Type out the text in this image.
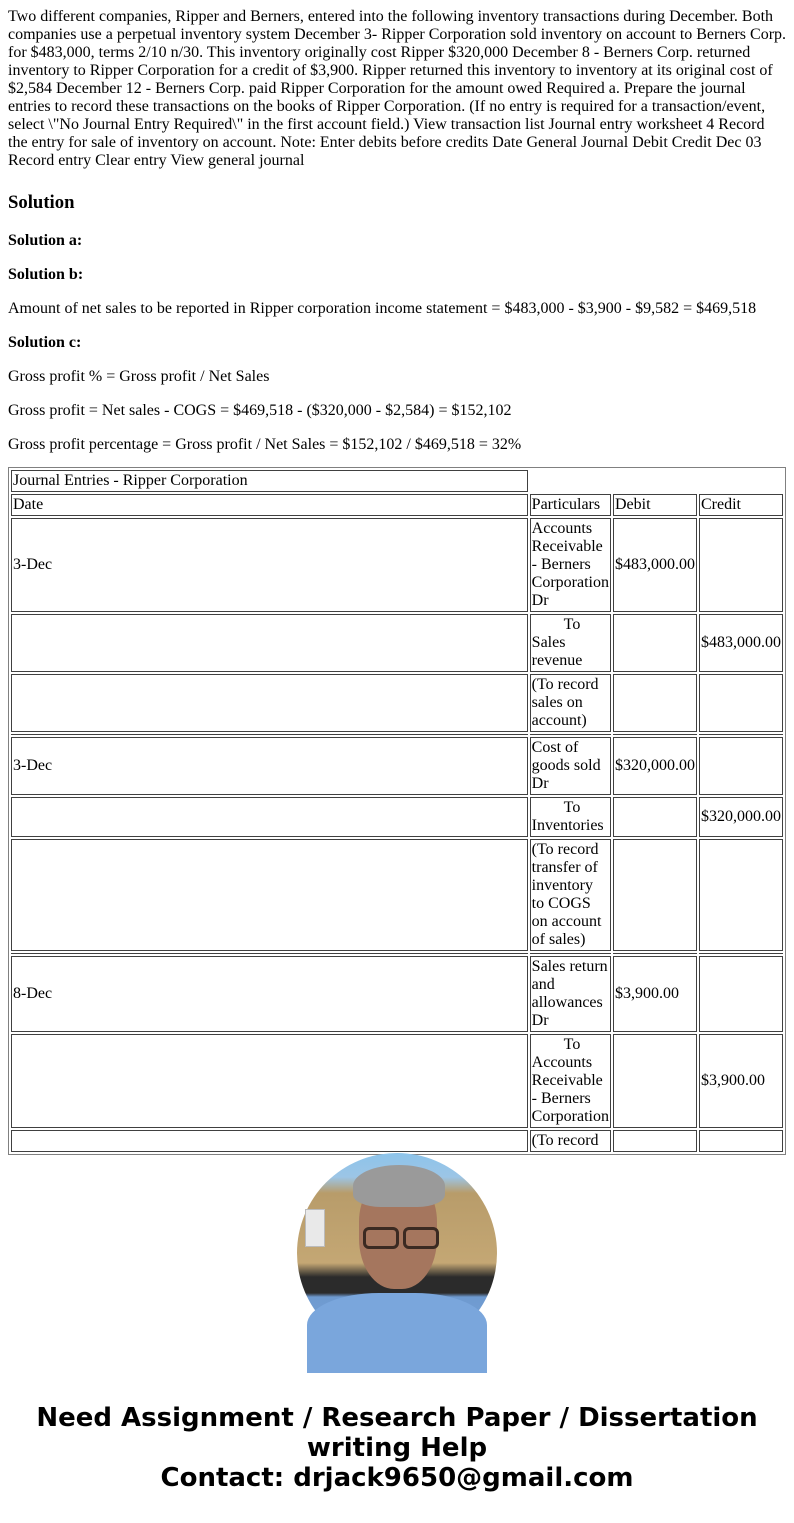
Two different companies, Ripper and Berners, entered into the following inventory transactions during December. Both companies use a perpetual inventory system December 3- Ripper Corporation sold inventory on account to Berners Corp. for $483,000, terms 2/10 n/30. This inventory originally cost Ripper $320,000 December 8 - Berners Corp. returned inventory to Ripper Corporation for a credit of $3,900. Ripper returned this inventory to inventory at its original cost of $2,584 December 12 - Berners Corp. paid Ripper Corporation for the amount owed Required a. Prepare the journal entries to record these transactions on the books of Ripper Corporation. (If no entry is required for a transaction/event, select \"No Journal Entry Required\" in the first account field.) View transaction list Journal entry worksheet 4 Record the entry for sale of inventory on account. Note: Enter debits before credits Date General Journal Debit Credit Dec 03 Record entry Clear entry View general journal
Solution

Solution a:

Solution b:

Amount of net sales to be reported in Ripper corporation income statement = $483,000 - $3,900 - $9,582 = $469,518

Solution c:

Gross profit % = Gross profit / Net Sales

Gross profit = Net sales - COGS = $469,518 - ($320,000 - $2,584) = $152,102

Gross profit percentage = Gross profit / Net Sales = $152,102 / $469,518 = 32%

Journal Entries - Ripper Corporation			
Date	Particulars	Debit	Credit
3-Dec	Accounts Receivable - Berners Corporation Dr	$483,000.00	
	To Sales revenue		$483,000.00
	(To record sales on account)		

3-Dec	Cost of goods sold Dr	$320,000.00	
	To Inventories		$320,000.00
	(To record transfer of inventory to COGS on account of sales)		

8-Dec	Sales return and allowances Dr	$3,900.00	
	To Accounts Receivable - Berners Corporation		$3,900.00
	(To record		
Need Assignment / Research Paper / Dissertation
writing Help
Contact: drjack9650@gmail.com
